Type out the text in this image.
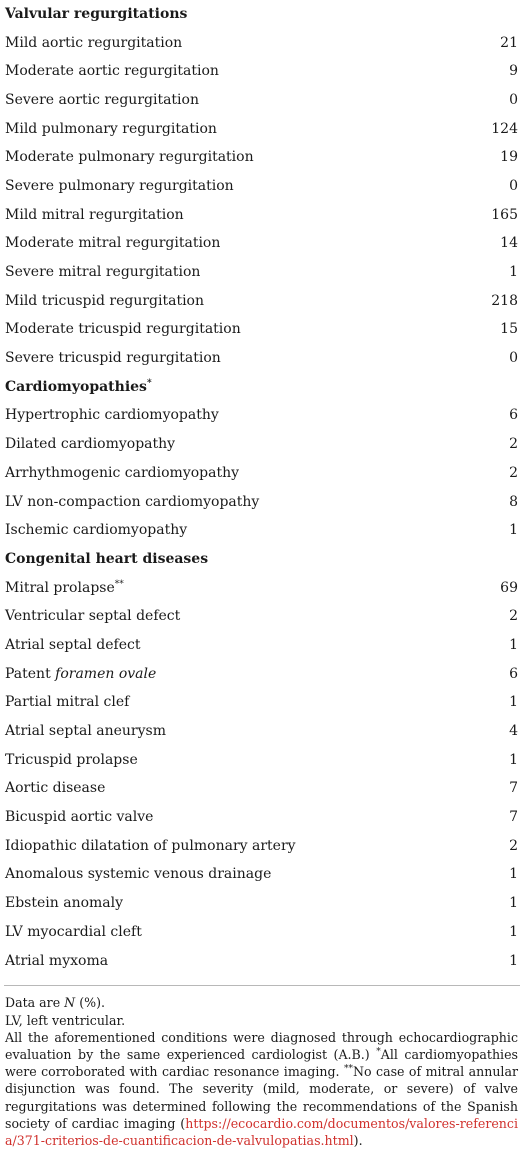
Valvular regurgitations	
Mild aortic regurgitation	21
Moderate aortic regurgitation	9
Severe aortic regurgitation	0
Mild pulmonary regurgitation	124
Moderate pulmonary regurgitation	19
Severe pulmonary regurgitation	0
Mild mitral regurgitation	165
Moderate mitral regurgitation	14
Severe mitral regurgitation	1
Mild tricuspid regurgitation	218
Moderate tricuspid regurgitation	15
Severe tricuspid regurgitation	0
Cardiomyopathies*	
Hypertrophic cardiomyopathy	6
Dilated cardiomyopathy	2
Arrhythmogenic cardiomyopathy	2
LV non-compaction cardiomyopathy	8
Ischemic cardiomyopathy	1
Congenital heart diseases	
Mitral prolapse**	69
Ventricular septal defect	2
Atrial septal defect	1
Patent foramen ovale	6
Partial mitral clef	1
Atrial septal aneurysm	4
Tricuspid prolapse	1
Aortic disease	7
Bicuspid aortic valve	7
Idiopathic dilatation of pulmonary artery	2
Anomalous systemic venous drainage	1
Ebstein anomaly	1
LV myocardial cleft	1
Atrial myxoma	1

Data are N (%).

LV, left ventricular.

All the aforementioned conditions were diagnosed through echocardiographic evaluation by the same experienced cardiologist (A.B.) *All cardiomyopathies were corroborated with cardiac resonance imaging. **No case of mitral annular disjunction was found. The severity (mild, moderate, or severe) of valve regurgitations was determined following the recommendations of the Spanish society of cardiac imaging (https://ecocardio.com/documentos/valores-referencia/371-criterios-de-cuantificacion-de-valvulopatias.html).
